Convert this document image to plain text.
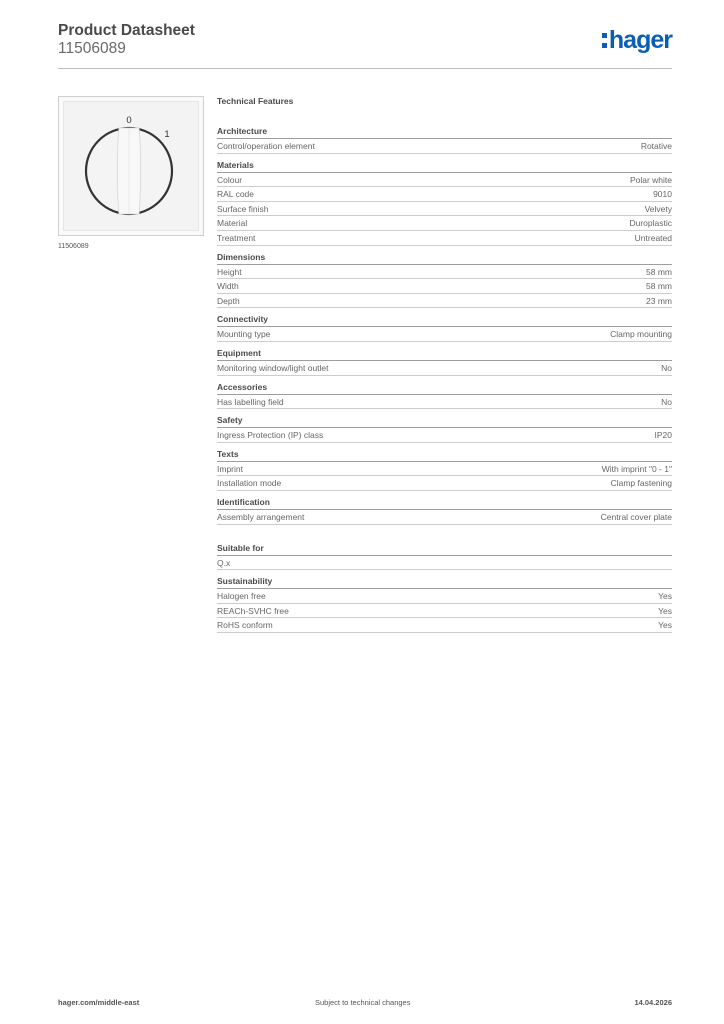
Product Datasheet
11506089	hager
0
1
11506089
Technical Features
Architecture
Control/operation element	Rotative
Materials
Colour	Polar white
RAL code	9010
Surface finish	Velvety
Material	Duroplastic
Treatment	Untreated
Dimensions
Height	58 mm
Width	58 mm
Depth	23 mm
Connectivity
Mounting type	Clamp mounting
Equipment
Monitoring window/light outlet	No
Accessories
Has labelling field	No
Safety
Ingress Protection (IP) class	IP20
Texts
Imprint	With imprint "0 - 1"
Installation mode	Clamp fastening
Identification
Assembly arrangement	Central cover plate
Suitable for
Q.x
Sustainability
Halogen free	Yes
REACh-SVHC free	Yes
RoHS conform	Yes
hager.com/middle-east	Subject to technical changes	14.04.2026
